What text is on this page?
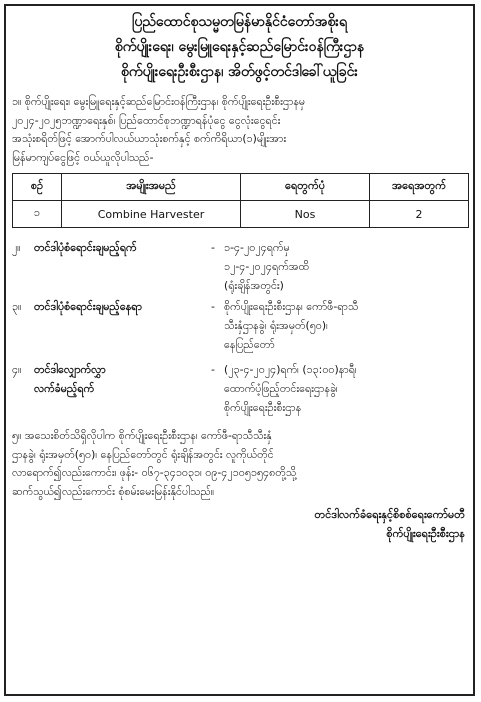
ပြည်ထောင်စုသမ္မတမြန်မာနိုင်ငံတော်အစိုးရ
စိုက်ပျိုးရေး၊ မွေးမြူရေးနှင့်ဆည်မြောင်းဝန်ကြီးဌာန
စိုက်ပျိုးရေးဦးစီးဌာန၊ အိတ်ဖွင့်တင်ဒါခေါ်ယူခြင်း

၁။ စိုက်ပျိုးရေး၊ မွေးမြူရေးနှင့်ဆည်မြောင်းဝန်ကြီးဌာန၊ စိုက်ပျိုးရေးဦးစီးဌာနမှ

၂၀၂၄-၂၀၂၅ဘဏ္ဍာရေးနှစ်၊ ပြည်ထောင်စုဘဏ္ဍာရန်ပုံငွေ ငွေလုံးငွေရင်း

အသုံးစရိတ်ဖြင့် အောက်ပါလယ်ယာသုံးစက်နှင့် စက်ကိရိယာ(၁)မျိုးအား

မြန်မာကျပ်ငွေဖြင့် ဝယ်ယူလိုပါသည်-

စဉ်	အမျိုးအမည်	ရေတွက်ပုံ	အရေအတွက်
၁	Combine Harvester	Nos	2
၂။	တင်ဒါပုံစံရောင်းချမည့်ရက်	- ၁-၄-၂၀၂၄ရက်မှ
၁၂-၄-၂၀၂၄ရက်အထိ
(ရုံးချိန်အတွင်း)
၃။	တင်ဒါပုံစံရောင်းချမည့်နေရာ	- စိုက်ပျိုးရေးဦးစီးဌာန၊ ကော်ဖီ-ရာသီ
သီးနှံဌာနခွဲ၊ ရုံးအမှတ်(၅၀)၊
နေပြည်တော်
၄။	တင်ဒါလျှောက်လွှာ
လက်ခံမည့်ရက်
- (၂၃-၄-၂၀၂၄)ရက်၊ (၁၃:၀၀)နာရီ၊
ထောက်ပံ့ဖြည့်တင်းရေးဌာနခွဲ၊
စိုက်ပျိုးရေးဦးစီးဌာန

၅။ အသေးစိတ်သိရှိလိုပါက စိုက်ပျိုးရေးဦးစီးဌာန၊ ကော်ဖီ-ရာသီသီးနှံ

ဌာနခွဲ၊ ရုံးအမှတ်(၅၀)၊ နေပြည်တော်တွင် ရုံးချိန်အတွင်း လူကိုယ်တိုင်

လာရောက်၍လည်းကောင်း၊ ဖုန်း- ၀၆၇-၃၄၁၀၃၁၊ ၀၉-၄၂၁၀၅၁၅၄၈တို့သို့

ဆက်သွယ်၍လည်းကောင်း စုံစမ်းမေးမြန်းနိုင်ပါသည်။

တင်ဒါလက်ခံရေးနှင့်စိစစ်ရေးကော်မတီ
စိုက်ပျိုးရေးဦးစီးဌာန
